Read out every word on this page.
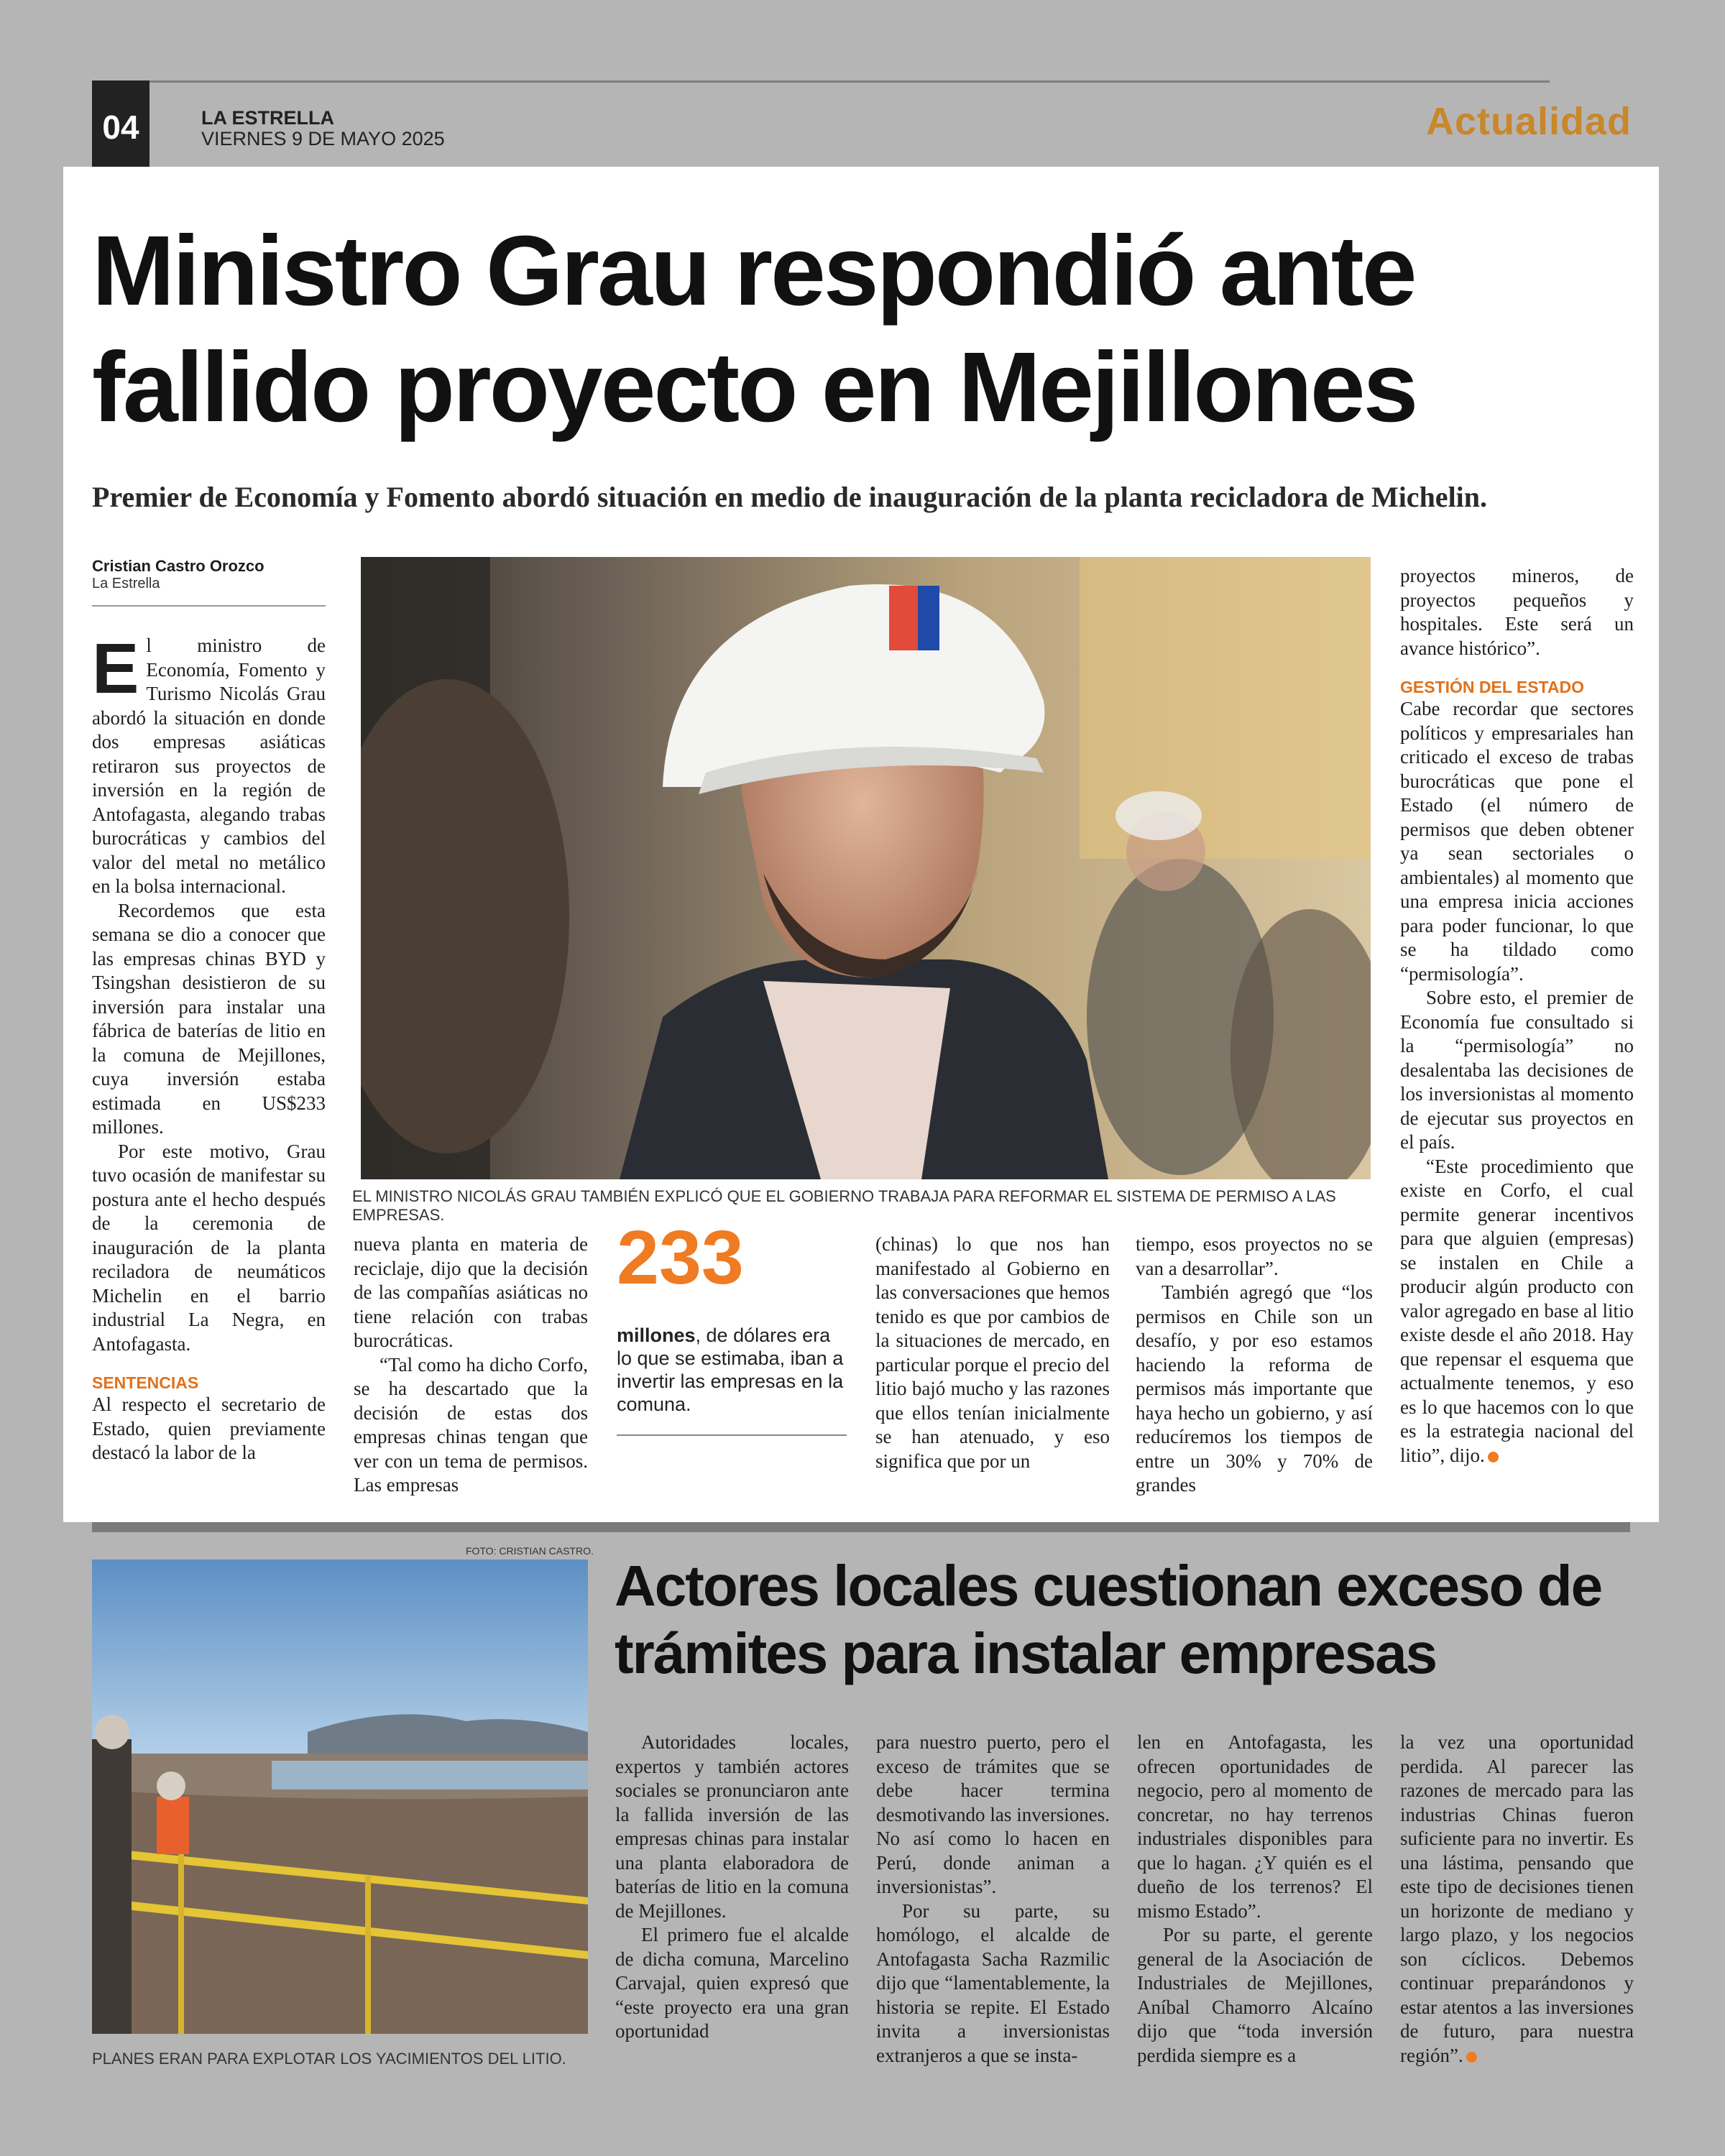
04	LA ESTRELLA
VIERNES 9 DE MAYO 2025	Actualidad
Ministro Grau respondió ante fallido proyecto en Mejillones

Premier de Economía y Fomento abordó situación en medio de inauguración de la planta recicladora de Michelin.

Cristian Castro Orozco
La Estrella

El ministro de Economía, Fomento y Turismo Nicolás Grau abordó la situación en donde dos empresas asiáticas retiraron sus proyectos de inversión en la región de Antofagasta, alegando trabas burocráticas y cambios del valor del metal no metálico en la bolsa internacional.

Recordemos que esta semana se dio a conocer que las empresas chinas BYD y Tsingshan desistieron de su inversión para instalar una fábrica de baterías de litio en la comuna de Mejillones, cuya inversión estaba estimada en US$233 millones.

Por este motivo, Grau tuvo ocasión de manifestar su postura ante el hecho después de la ceremonia de inauguración de la planta reciladora de neumáticos Michelin en el barrio industrial La Negra, en Antofagasta.

SENTENCIAS

Al respecto el secretario de Estado, quien previamente destacó la labor de la

EL MINISTRO NICOLÁS GRAU TAMBIÉN EXPLICÓ QUE EL GOBIERNO TRABAJA PARA REFORMAR EL SISTEMA DE PERMISO A LAS EMPRESAS.

nueva planta en materia de reciclaje, dijo que la decisión de las compañías asiáticas no tiene relación con trabas burocráticas.

“Tal como ha dicho Corfo, se ha descartado que la decisión de estas dos empresas chinas tengan que ver con un tema de permisos. Las empresas

233
millones, de dólares era lo que se estimaba, iban a invertir las empresas en la comuna.

(chinas) lo que nos han manifestado al Gobierno en las conversaciones que hemos tenido es que por cambios de la situaciones de mercado, en particular porque el precio del litio bajó mucho y las razones que ellos tenían inicialmente se han atenuado, y eso significa que por un

tiempo, esos proyectos no se van a desarrollar”.

También agregó que “los permisos en Chile son un desafío, y por eso estamos haciendo la reforma de permisos más importante que haya hecho un gobierno, y así reducíremos los tiempos de entre un 30% y 70% de grandes

proyectos mineros, de proyectos pequeños y hospitales. Este será un avance histórico”.

GESTIÓN DEL ESTADO

Cabe recordar que sectores políticos y empresariales han criticado el exceso de trabas burocráticas que pone el Estado (el número de permisos que deben obtener ya sean sectoriales o ambientales) al momento que una empresa inicia acciones para poder funcionar, lo que se ha tildado como “permisología”.

Sobre esto, el premier de Economía fue consultado si la “permisología” no desalentaba las decisiones de los inversionistas al momento de ejecutar sus proyectos en el país.

“Este procedimiento que existe en Corfo, el cual permite generar incentivos para que alguien (empresas) se instalen en Chile a producir algún producto con valor agregado en base al litio existe desde el año 2018. Hay que repensar el esquema que actualmente tenemos, y eso es lo que hacemos con lo que es la estrategia nacional del litio”, dijo.

FOTO: CRISTIAN CASTRO.
PLANES ERAN PARA EXPLOTAR LOS YACIMIENTOS DEL LITIO.
Actores locales cuestionan exceso de trámites para instalar empresas

Autoridades locales, expertos y también actores sociales se pronunciaron ante la fallida inversión de las empresas chinas para instalar una planta elaboradora de baterías de litio en la comuna de Mejillones.

El primero fue el alcalde de dicha comuna, Marcelino Carvajal, quien expresó que “este proyecto era una gran oportunidad

para nuestro puerto, pero el exceso de trámites que se debe hacer termina desmotivando las inversiones. No así como lo hacen en Perú, donde animan a inversionistas”.

Por su parte, su homólogo, el alcalde de Antofagasta Sacha Razmilic dijo que “lamentablemente, la historia se repite. El Estado invita a inversionistas extranjeros a que se insta-

len en Antofagasta, les ofrecen oportunidades de negocio, pero al momento de concretar, no hay terrenos industriales disponibles para que lo hagan. ¿Y quién es el dueño de los terrenos? El mismo Estado”.

Por su parte, el gerente general de la Asociación de Industriales de Mejillones, Aníbal Chamorro Alcaíno dijo que “toda inversión perdida siempre es a

la vez una oportunidad perdida. Al parecer las razones de mercado para las industrias Chinas fueron suficiente para no invertir. Es una lástima, pensando que este tipo de decisiones tienen un horizonte de mediano y largo plazo, y los negocios son cíclicos. Debemos continuar preparándonos y estar atentos a las inversiones de futuro, para nuestra región”.
